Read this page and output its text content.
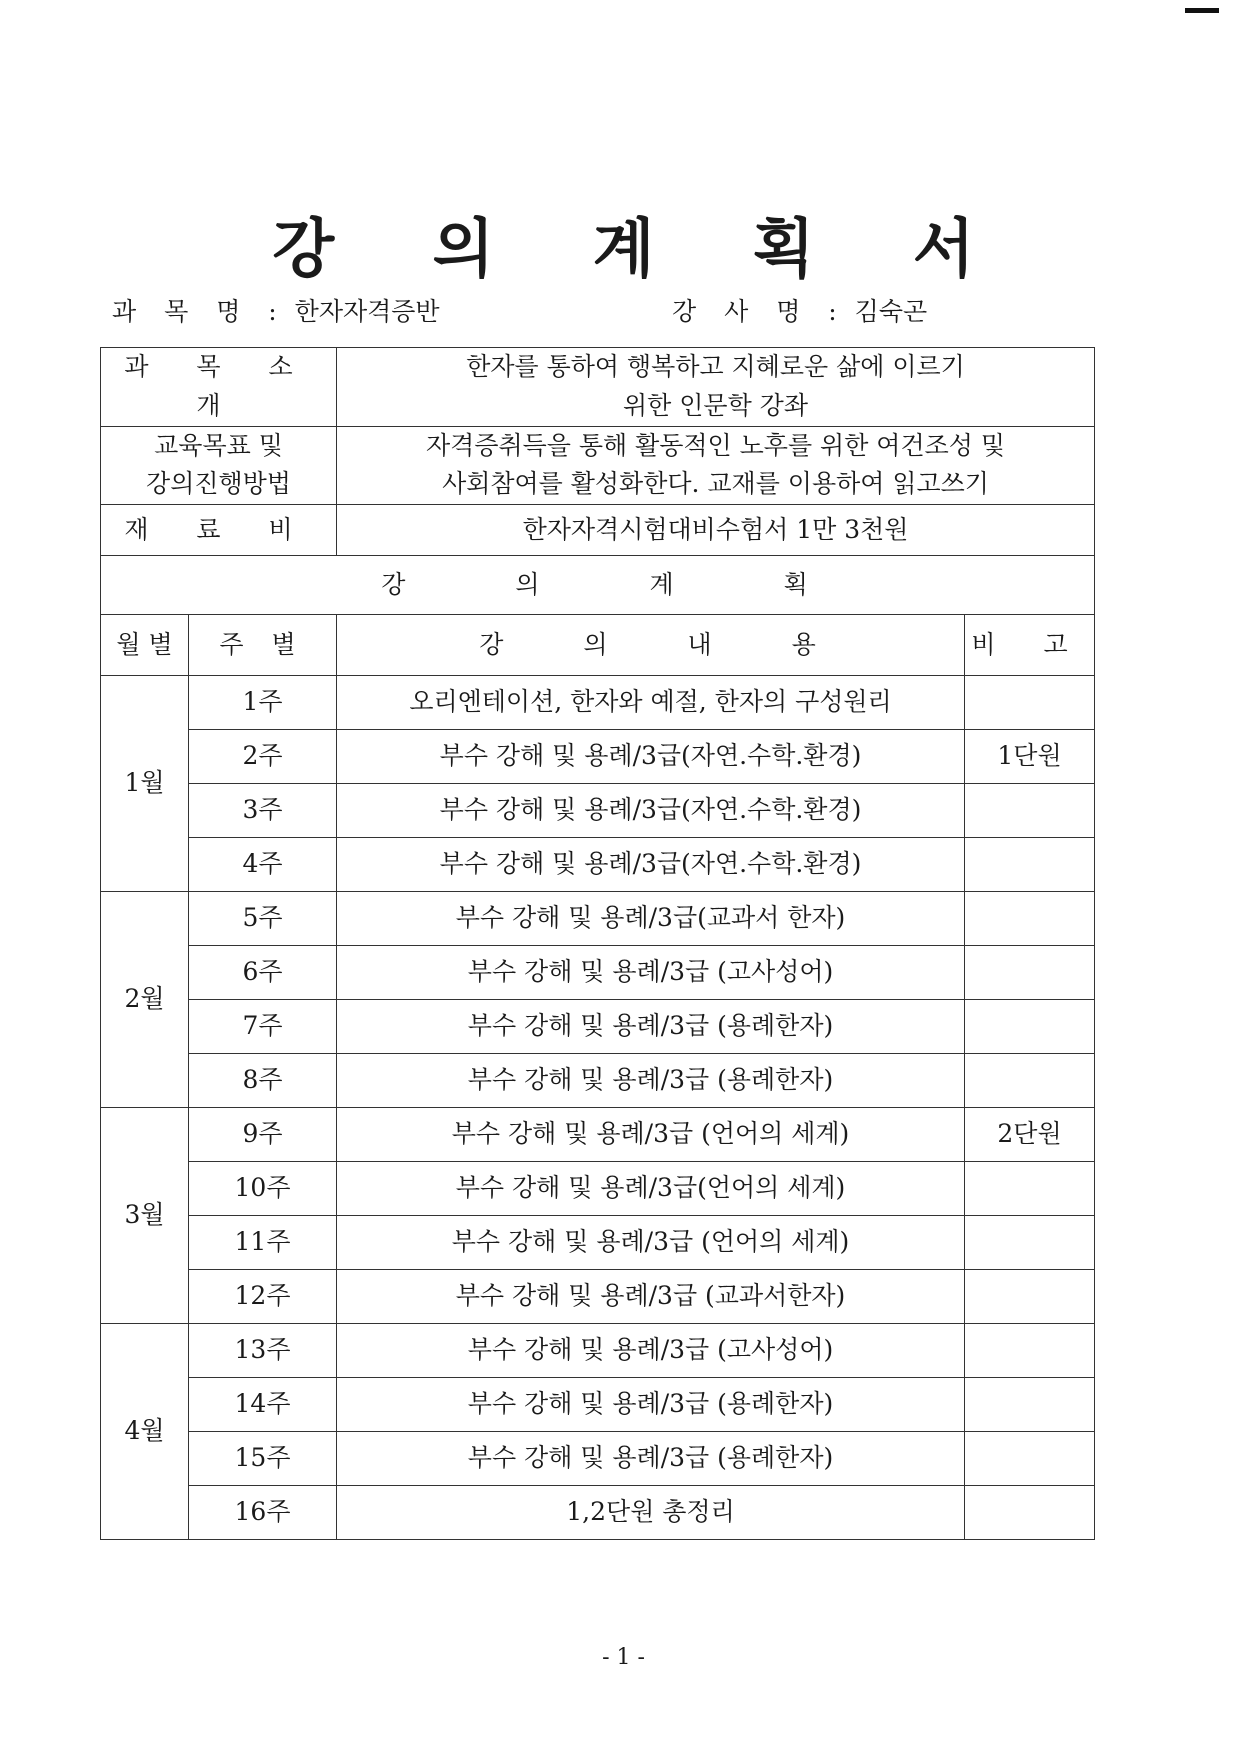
강 의 계 획 서
과 목 명 : 한자자격증반	강 사 명 : 김숙곤
과 목 소 개		한자를 통하여 행복하고 지혜로운 삶에 이르기
위한 인문학 강좌	

교육목표 및
강의진행방법		자격증취득을 통해 활동적인 노후를 위한 여건조성 및
사회참여를 활성화한다. 교재를 이용하여 읽고쓰기	

재 료 비		한자자격시험대비수험서 1만 3천원	
강의계획			
월 별	주 별	강의내용	비 고
1월	1주	오리엔테이션, 한자와 예절, 한자의 구성원리	
	2주	부수 강해 및 용례/3급(자연.수학.환경)	1단원
	3주	부수 강해 및 용례/3급(자연.수학.환경)	
	4주	부수 강해 및 용례/3급(자연.수학.환경)	
2월	5주	부수 강해 및 용례/3급(교과서 한자)	
	6주	부수 강해 및 용례/3급 (고사성어)	
	7주	부수 강해 및 용례/3급 (용례한자)	
	8주	부수 강해 및 용례/3급 (용례한자)	
3월	9주	부수 강해 및 용례/3급 (언어의 세계)	2단원
	10주	부수 강해 및 용례/3급(언어의 세계)	
	11주	부수 강해 및 용례/3급 (언어의 세계)	
	12주	부수 강해 및 용례/3급 (교과서한자)	
4월	13주	부수 강해 및 용례/3급 (고사성어)	
	14주	부수 강해 및 용례/3급 (용례한자)	
	15주	부수 강해 및 용례/3급 (용례한자)	
	16주	1,2단원 총정리	
- 1 -
